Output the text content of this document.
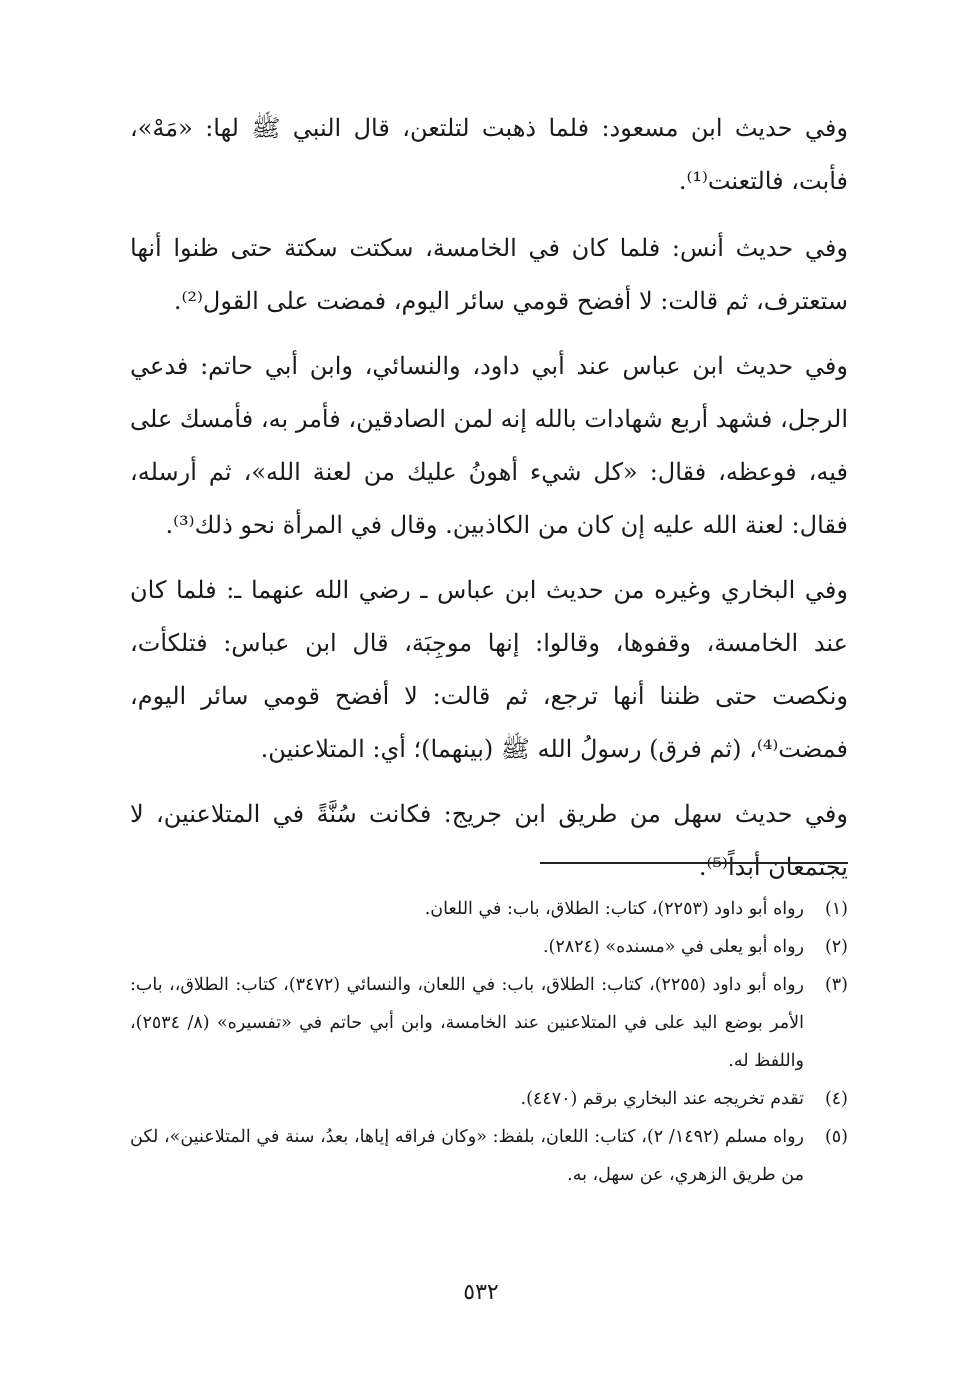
وفي حديث ابن مسعود: فلما ذهبت لتلتعن، قال النبي ﷺ لها: «مَهْ»، فأبت، فالتعنت⁽¹⁾.

وفي حديث أنس: فلما كان في الخامسة، سكتت سكتة حتى ظنوا أنها ستعترف، ثم قالت: لا أفضح قومي سائر اليوم، فمضت على القول⁽²⁾.

وفي حديث ابن عباس عند أبي داود، والنسائي، وابن أبي حاتم: فدعي الرجل، فشهد أربع شهادات بالله إنه لمن الصادقين، فأمر به، فأمسك على فيه، فوعظه، فقال: «كل شيء أهونُ عليك من لعنة الله»، ثم أرسله، فقال: لعنة الله عليه إن كان من الكاذبين. وقال في المرأة نحو ذلك⁽³⁾.

وفي البخاري وغيره من حديث ابن عباس ـ رضي الله عنهما ـ: فلما كان عند الخامسة، وقفوها، وقالوا: إنها موجِبَة، قال ابن عباس: فتلكأت، ونكصت حتى ظننا أنها ترجع، ثم قالت: لا أفضح قومي سائر اليوم، فمضت⁽⁴⁾، (ثم فرق) رسولُ الله ﷺ (بينهما)؛ أي: المتلاعنين.

وفي حديث سهل من طريق ابن جريج: فكانت سُنَّةً في المتلاعنين، لا يجتمعان أبداً⁽⁵⁾.

(١)
رواه أبو داود (٢٢٥٣)، كتاب: الطلاق، باب: في اللعان.
(٢)
رواه أبو يعلى في «مسنده» (٢٨٢٤).
(٣)
رواه أبو داود (٢٢٥٥)، كتاب: الطلاق، باب: في اللعان، والنسائي (٣٤٧٢)، كتاب: الطلاق،، باب: الأمر بوضع اليد على في المتلاعنين عند الخامسة، وابن أبي حاتم في «تفسيره» (٨/ ٢٥٣٤)، واللفظ له.
(٤)
تقدم تخريجه عند البخاري برقم (٤٤٧٠).
(٥)
رواه مسلم (١٤٩٢/ ٢)، كتاب: اللعان، بلفظ: «وكان فراقه إياها، بعدُ، سنة في المتلاعنين»، لكن من طريق الزهري، عن سهل، به.
٥٣٢
